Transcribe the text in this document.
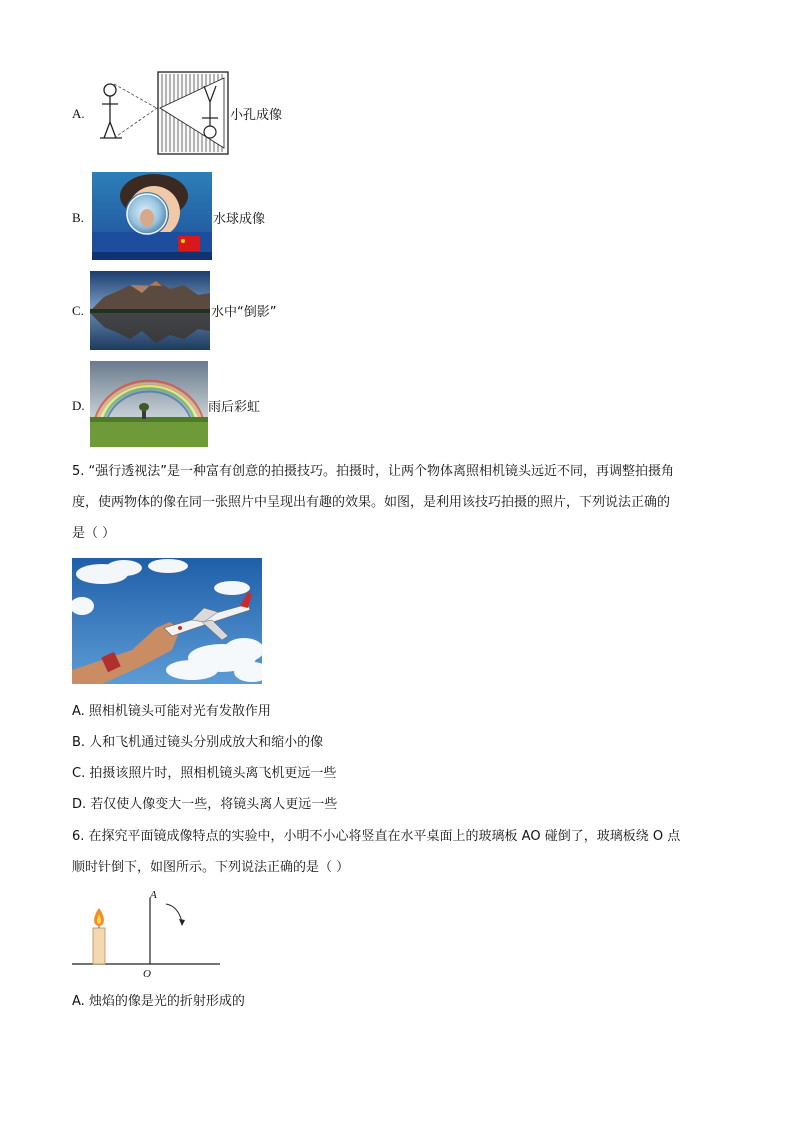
A.	小孔成像
B.	水球成像
C.	水中“倒影”
D.	雨后彩虹
5. “强行透视法”是一种富有创意的拍摄技巧。拍摄时，让两个物体离照相机镜头远近不同，再调整拍摄角
度，使两物体的像在同一张照片中呈现出有趣的效果。如图，是利用该技巧拍摄的照片，下列说法正确的
是（ ）
A. 照相机镜头可能对光有发散作用
B. 人和飞机通过镜头分别成放大和缩小的像
C. 拍摄该照片时，照相机镜头离飞机更远一些
D. 若仅使人像变大一些，将镜头离人更远一些
6. 在探究平面镜成像特点的实验中，小明不小心将竖直在水平桌面上的玻璃板 AO 碰倒了，玻璃板绕 O 点
顺时针倒下，如图所示。下列说法正确的是（ ）
A
O
A. 烛焰的像是光的折射形成的
